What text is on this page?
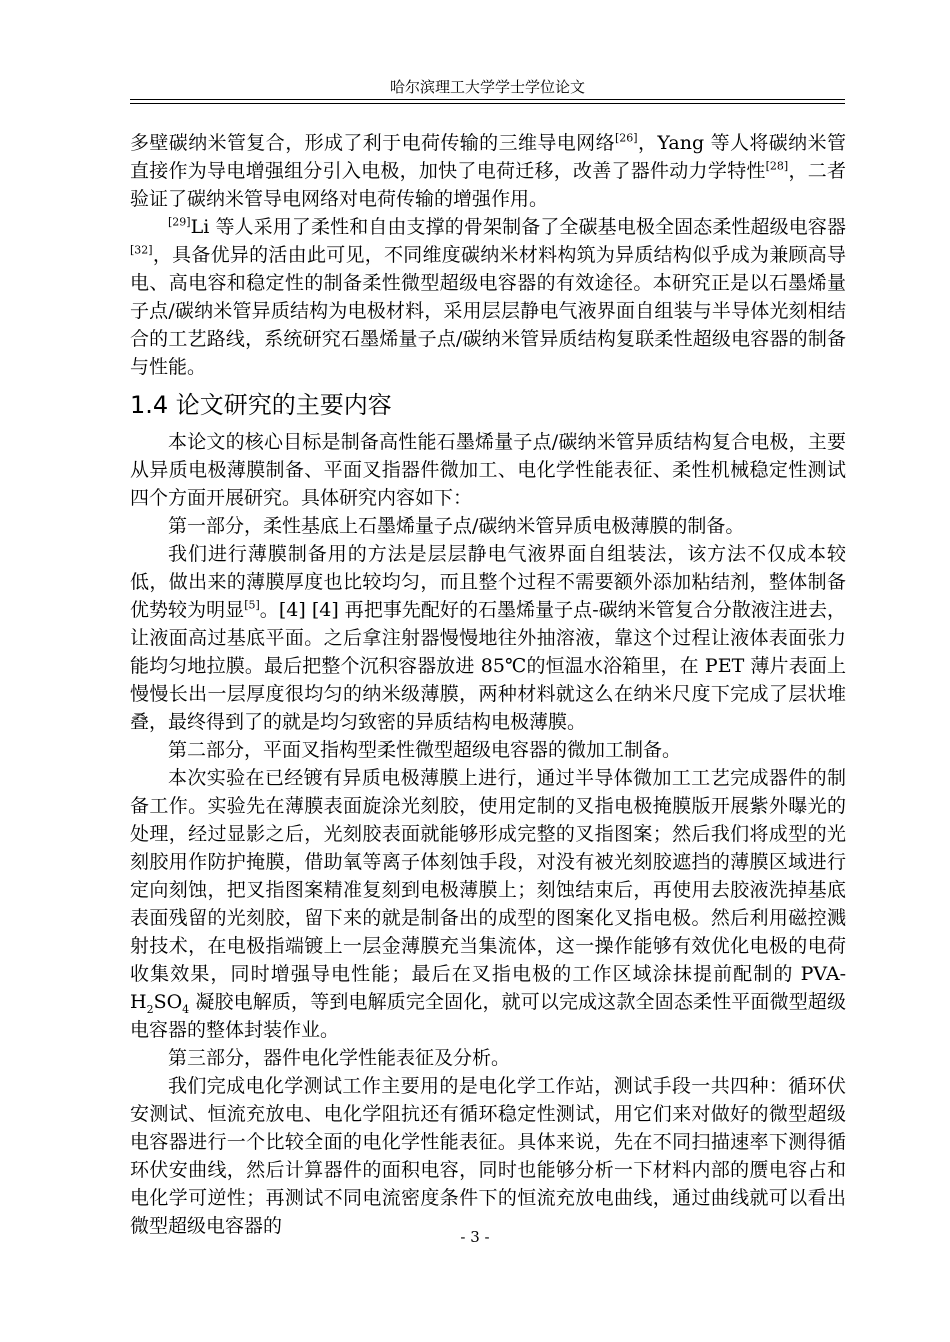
哈尔滨理工大学学士学位论文

多壁碳纳米管复合，形成了利于电荷传输的三维导电网络[26]，Yang 等人将碳纳米管直接作为导电增强组分引入电极，加快了电荷迁移，改善了器件动力学特性[28]，二者验证了碳纳米管导电网络对电荷传输的增强作用。

[29]Li 等人采用了柔性和自由支撑的骨架制备了全碳基电极全固态柔性超级电容器[32]，具备优异的活由此可见，不同维度碳纳米材料构筑为异质结构似乎成为兼顾高导电、高电容和稳定性的制备柔性微型超级电容器的有效途径。本研究正是以石墨烯量子点/碳纳米管异质结构为电极材料，采用层层静电气液界面自组装与半导体光刻相结合的工艺路线，系统研究石墨烯量子点/碳纳米管异质结构复联柔性超级电容器的制备与性能。

1.4 论文研究的主要内容

本论文的核心目标是制备高性能石墨烯量子点/碳纳米管异质结构复合电极，主要从异质电极薄膜制备、平面叉指器件微加工、电化学性能表征、柔性机械稳定性测试四个方面开展研究。具体研究内容如下：

第一部分，柔性基底上石墨烯量子点/碳纳米管异质电极薄膜的制备。

我们进行薄膜制备用的方法是层层静电气液界面自组装法，该方法不仅成本较低，做出来的薄膜厚度也比较均匀，而且整个过程不需要额外添加粘结剂，整体制备优势较为明显[5]。[4] [4] 再把事先配好的石墨烯量子点-碳纳米管复合分散液注进去，让液面高过基底平面。之后拿注射器慢慢地往外抽溶液，靠这个过程让液体表面张力能均匀地拉膜。最后把整个沉积容器放进 85℃的恒温水浴箱里，在 PET 薄片表面上慢慢长出一层厚度很均匀的纳米级薄膜，两种材料就这么在纳米尺度下完成了层状堆叠，最终得到了的就是均匀致密的异质结构电极薄膜。

第二部分，平面叉指构型柔性微型超级电容器的微加工制备。

本次实验在已经镀有异质电极薄膜上进行，通过半导体微加工工艺完成器件的制备工作。实验先在薄膜表面旋涂光刻胶，使用定制的叉指电极掩膜版开展紫外曝光的处理，经过显影之后，光刻胶表面就能够形成完整的叉指图案；然后我们将成型的光刻胶用作防护掩膜，借助氧等离子体刻蚀手段，对没有被光刻胶遮挡的薄膜区域进行定向刻蚀，把叉指图案精准复刻到电极薄膜上；刻蚀结束后，再使用去胶液洗掉基底表面残留的光刻胶，留下来的就是制备出的成型的图案化叉指电极。然后利用磁控溅射技术，在电极指端镀上一层金薄膜充当集流体，这一操作能够有效优化电极的电荷收集效果，同时增强导电性能；最后在叉指电极的工作区域涂抹提前配制的 PVA-$H_2SO_4$ 凝胶电解质，等到电解质完全固化，就可以完成这款全固态柔性平面微型超级电容器的整体封装作业。

第三部分，器件电化学性能表征及分析。

我们完成电化学测试工作主要用的是电化学工作站，测试手段一共四种：循环伏安测试、恒流充放电、电化学阻抗还有循环稳定性测试，用它们来对做好的微型超级电容器进行一个比较全面的电化学性能表征。具体来说，先在不同扫描速率下测得循环伏安曲线，然后计算器件的面积电容，同时也能够分析一下材料内部的赝电容占和电化学可逆性；再测试不同电流密度条件下的恒流充放电曲线，通过曲线就可以看出微型超级电容器的	- 3 -
